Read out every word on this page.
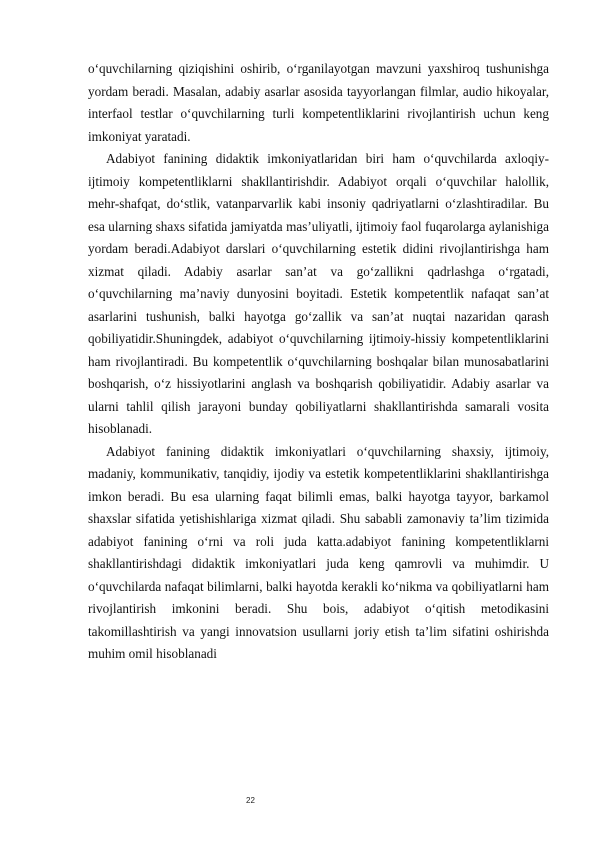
o‘quvchilarning qiziqishini oshirib, o‘rganilayotgan mavzuni yaxshiroq tushunishga yordam beradi. Masalan, adabiy asarlar asosida tayyorlangan filmlar, audio hikoyalar, interfaol testlar o‘quvchilarning turli kompetentliklarini rivojlantirish uchun keng imkoniyat yaratadi.

Adabiyot fanining didaktik imkoniyatlaridan biri ham o‘quvchilarda axloqiy-ijtimoiy kompetentliklarni shakllantirishdir. Adabiyot orqali o‘quvchilar halollik, mehr-shafqat, do‘stlik, vatanparvarlik kabi insoniy qadriyatlarni o‘zlashtiradilar. Bu esa ularning shaxs sifatida jamiyatda mas’uliyatli, ijtimoiy faol fuqarolarga aylanishiga yordam beradi.Adabiyot darslari o‘quvchilarning estetik didini rivojlantirishga ham xizmat qiladi. Adabiy asarlar san’at va go‘zallikni qadrlashga o‘rgatadi, o‘quvchilarning ma’naviy dunyosini boyitadi. Estetik kompetentlik nafaqat san’at asarlarini tushunish, balki hayotga go‘zallik va san’at nuqtai nazaridan qarash qobiliyatidir.Shuningdek, adabiyot o‘quvchilarning ijtimoiy-hissiy kompetentliklarini ham rivojlantiradi. Bu kompetentlik o‘quvchilarning boshqalar bilan munosabatlarini boshqarish, o‘z hissiyotlarini anglash va boshqarish qobiliyatidir. Adabiy asarlar va ularni tahlil qilish jarayoni bunday qobiliyatlarni shakllantirishda samarali vosita hisoblanadi.

Adabiyot fanining didaktik imkoniyatlari o‘quvchilarning shaxsiy, ijtimoiy, madaniy, kommunikativ, tanqidiy, ijodiy va estetik kompetentliklarini shakllantirishga imkon beradi. Bu esa ularning faqat bilimli emas, balki hayotga tayyor, barkamol shaxslar sifatida yetishishlariga xizmat qiladi. Shu sababli zamonaviy ta’lim tizimida adabiyot fanining o‘rni va roli juda katta.adabiyot fanining kompetentliklarni shakllantirishdagi didaktik imkoniyatlari juda keng qamrovli va muhimdir. U o‘quvchilarda nafaqat bilimlarni, balki hayotda kerakli ko‘nikma va qobiliyatlarni ham rivojlantirish imkonini beradi. Shu bois, adabiyot o‘qitish metodikasini takomillashtirish va yangi innovatsion usullarni joriy etish ta’lim sifatini oshirishda muhim omil hisoblanadi

22
